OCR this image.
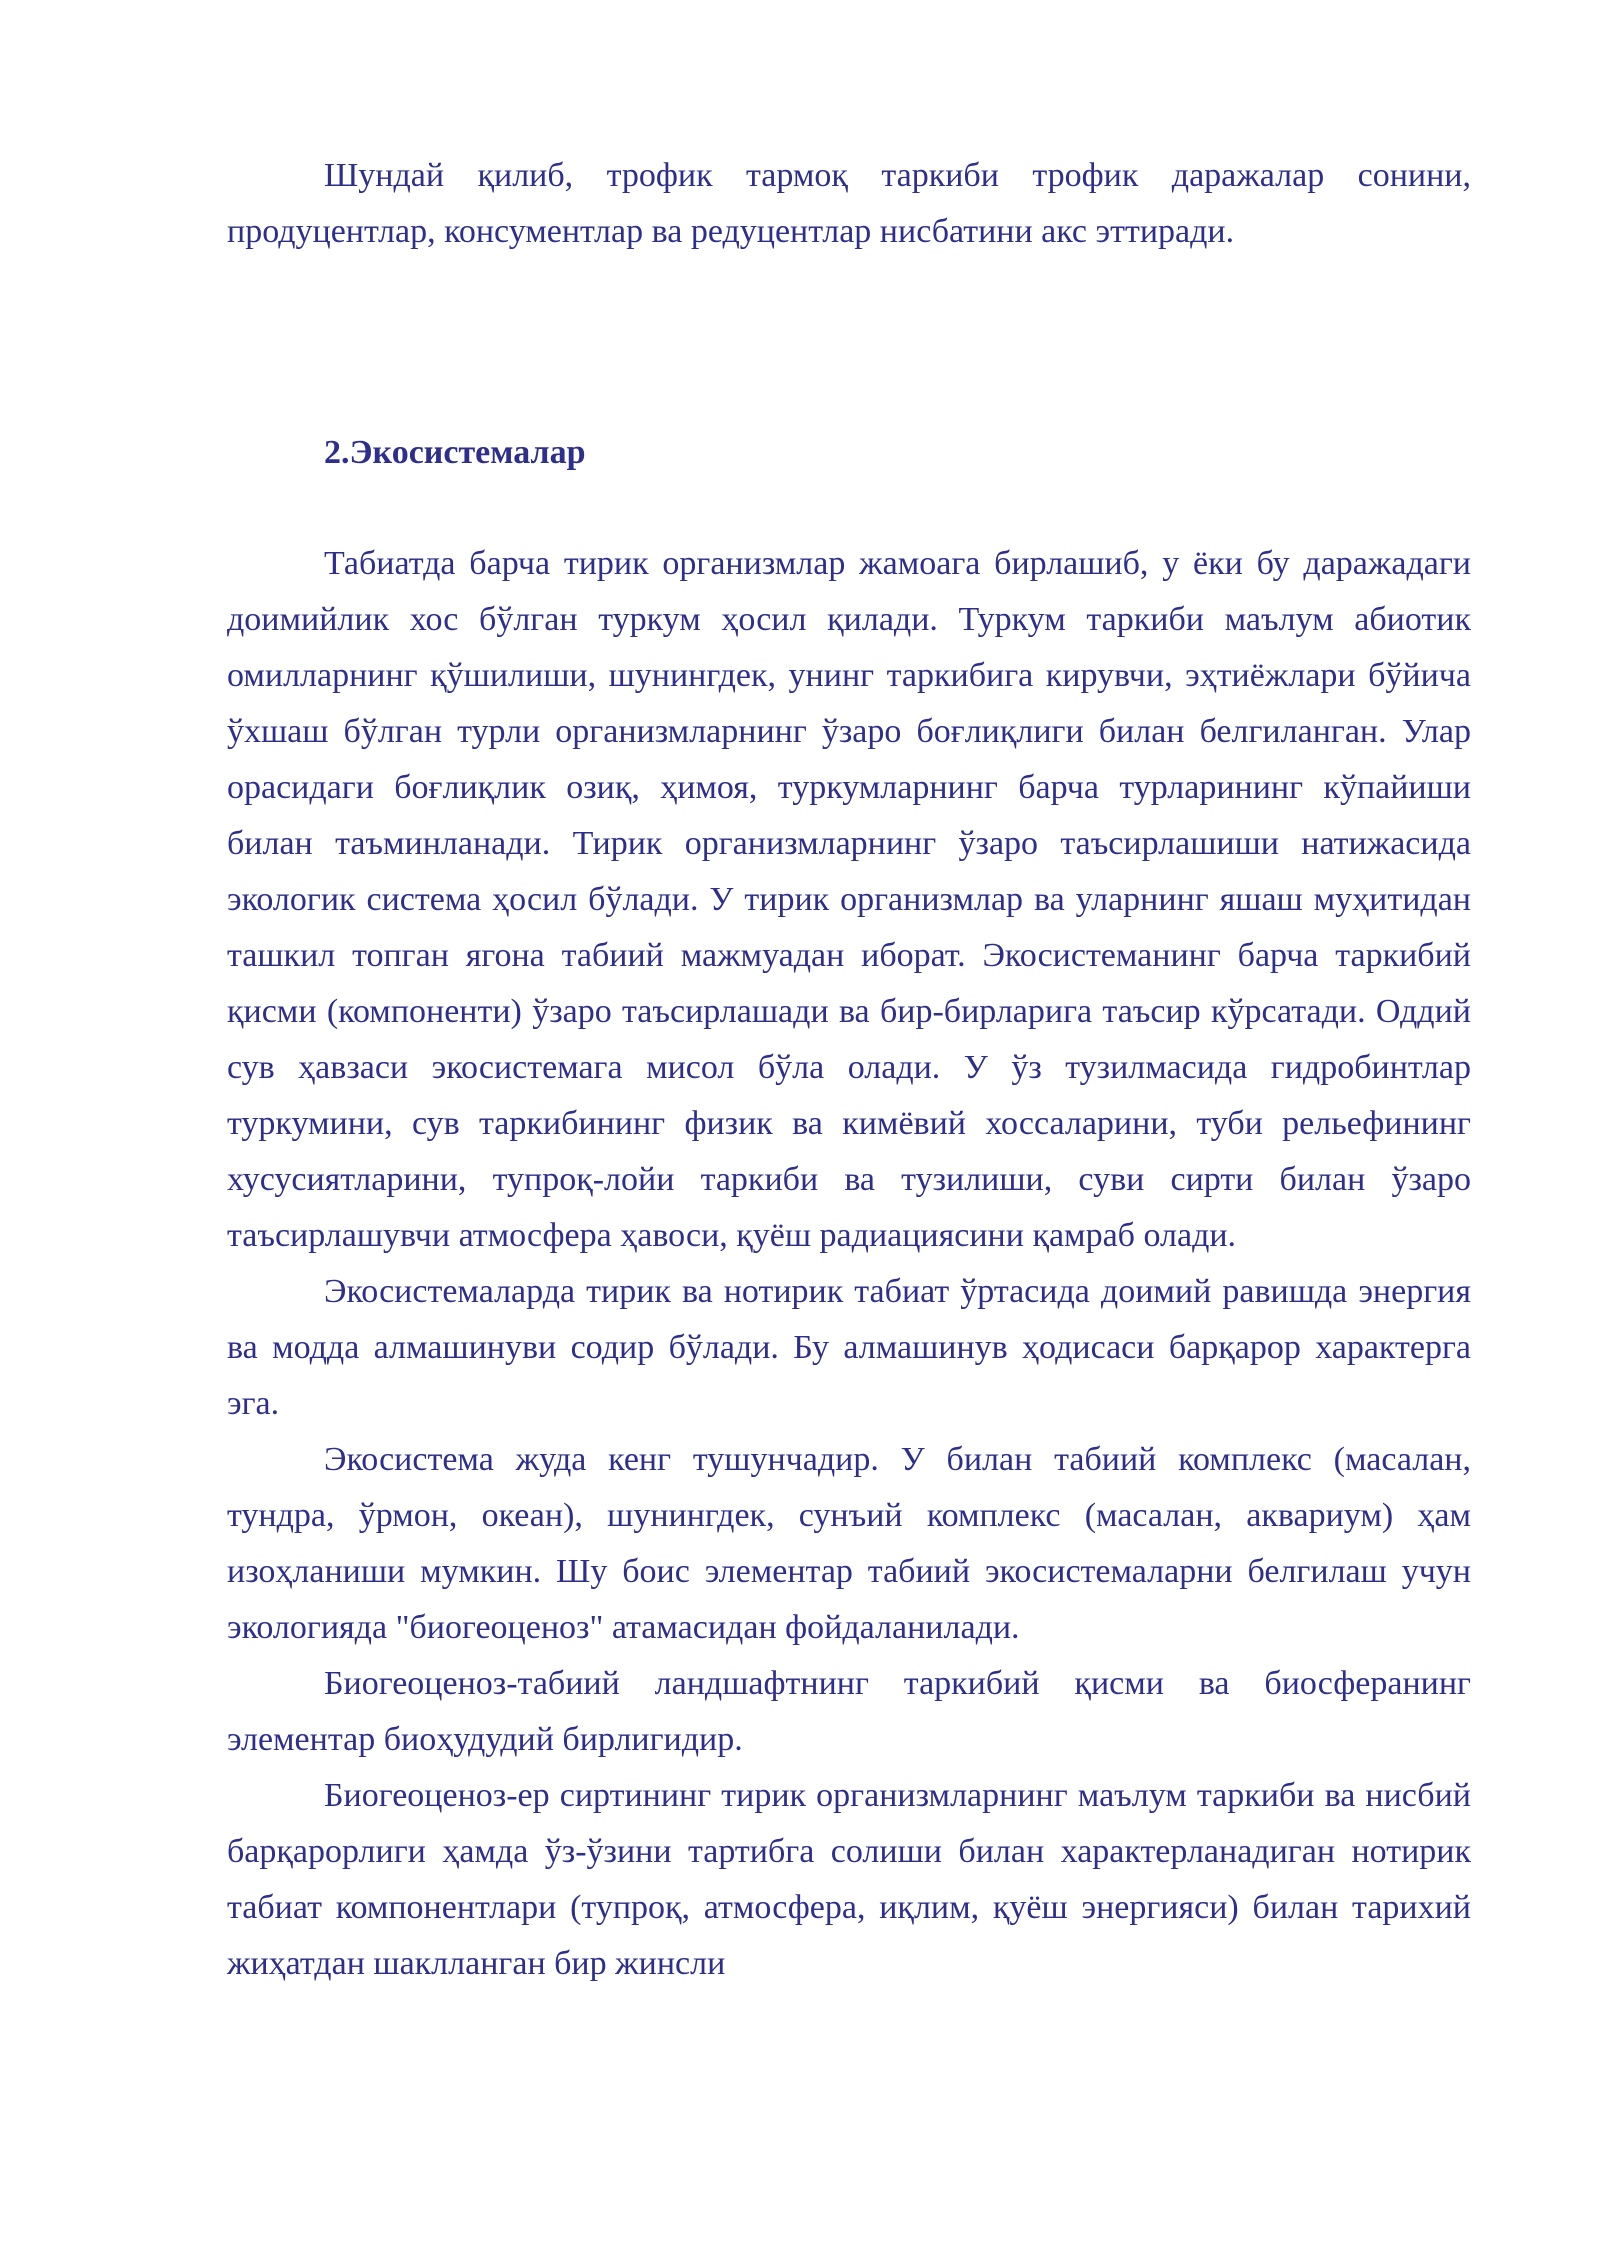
Шундай қилиб, трофик тармоқ таркиби трофик даражалар сонини, продуцентлар, консументлар ва редуцентлар нисбатини акс эттиради.

2.Экосистемалар

Табиатда барча тирик организмлар жамоага бирлашиб, у ёки бу даражадаги доимийлик хос бўлган туркум ҳосил қилади. Туркум таркиби маълум абиотик омилларнинг қўшилиши, шунингдек, унинг таркибига кирувчи, эҳтиёжлари бўйича ўхшаш бўлган турли организмларнинг ўзаро боғлиқлиги билан белгиланган. Улар орасидаги боғлиқлик озиқ, ҳимоя, туркумларнинг барча турларининг кўпайиши билан таъминланади. Тирик организмларнинг ўзаро таъсирлашиши натижасида экологик система ҳосил бўлади. У тирик организмлар ва уларнинг яшаш муҳитидан ташкил топган ягона табиий мажмуадан иборат. Экосистеманинг барча таркибий қисми (компоненти) ўзаро таъсирлашади ва бир-бирларига таъсир кўрсатади. Оддий сув ҳавзаси экосистемага мисол бўла олади. У ўз тузилмасида гидробинтлар туркумини, сув таркибининг физик ва кимёвий хоссаларини, туби рельефининг хусусиятларини, тупроқ-лойи таркиби ва тузилиши, суви сирти билан ўзаро таъсирлашувчи атмосфера ҳавоси, қуёш радиациясини қамраб олади.

Экосистемаларда тирик ва нотирик табиат ўртасида доимий равишда энергия ва модда алмашинуви содир бўлади. Бу алмашинув ҳодисаси барқарор характерга эга.

Экосистема жуда кенг тушунчадир. У билан табиий комплекс (масалан, тундра, ўрмон, океан), шунингдек, сунъий комплекс (масалан, аквариум) ҳам изоҳланиши мумкин. Шу боис элементар табиий экосистемаларни белгилаш учун экологияда "биогеоценоз" атамасидан фойдаланилади.

Биогеоценоз-табиий ландшафтнинг таркибий қисми ва биосферанинг элементар биоҳудудий бирлигидир.

Биогеоценоз-ер сиртининг тирик организмларнинг маълум таркиби ва нисбий барқарорлиги ҳамда ўз-ўзини тартибга солиши билан характерланадиган нотирик табиат компонентлари (тупроқ, атмосфера, иқлим, қуёш энергияси) билан тарихий жиҳатдан шаклланган бир жинсли
